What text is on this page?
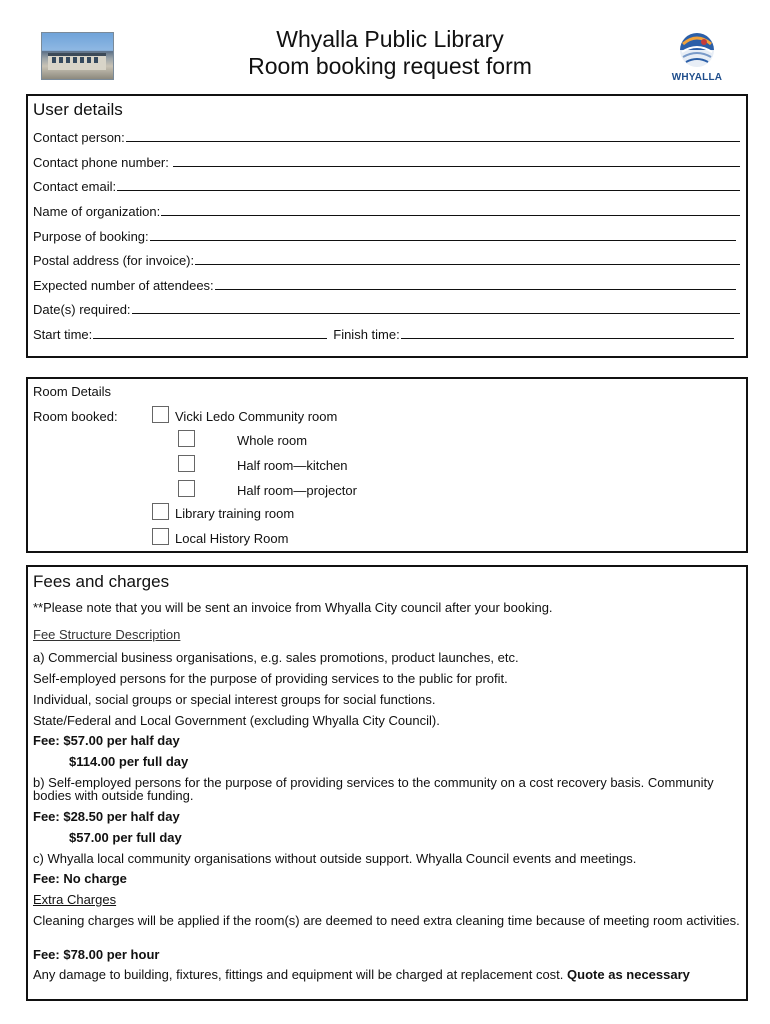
Whyalla Public Library
Room booking request form	WHYALLA
User details
Contact person:
Contact phone number:
Contact email:
Name of organization:
Purpose of booking:
Postal address (for invoice):
Expected number of attendees:
Date(s) required:
Start time:	Finish time:
Room Details
Room booked:	Vicki Ledo Community room
Whole room
Half room—kitchen
Half room—projector
Library training room
Local History Room
Fees and charges
**Please note that you will be sent an invoice from Whyalla City council after your booking.
Fee Structure Description
a) Commercial business organisations, e.g. sales promotions, product launches, etc.
Self-employed persons for the purpose of providing services to the public for profit.
Individual, social groups or special interest groups for social functions.
State/Federal and Local Government (excluding Whyalla City Council).
Fee: $57.00 per half day
$114.00 per full day
b) Self-employed persons for the purpose of providing services to the community on a cost recovery basis. Community bodies with outside funding.
Fee: $28.50 per half day
$57.00 per full day
c) Whyalla local community organisations without outside support. Whyalla Council events and meetings.
Fee: No charge
Extra Charges
Cleaning charges will be applied if the room(s) are deemed to need extra cleaning time because of meeting room activities.
Fee: $78.00 per hour
Any damage to building, fixtures, fittings and equipment will be charged at replacement cost. Quote as necessary
